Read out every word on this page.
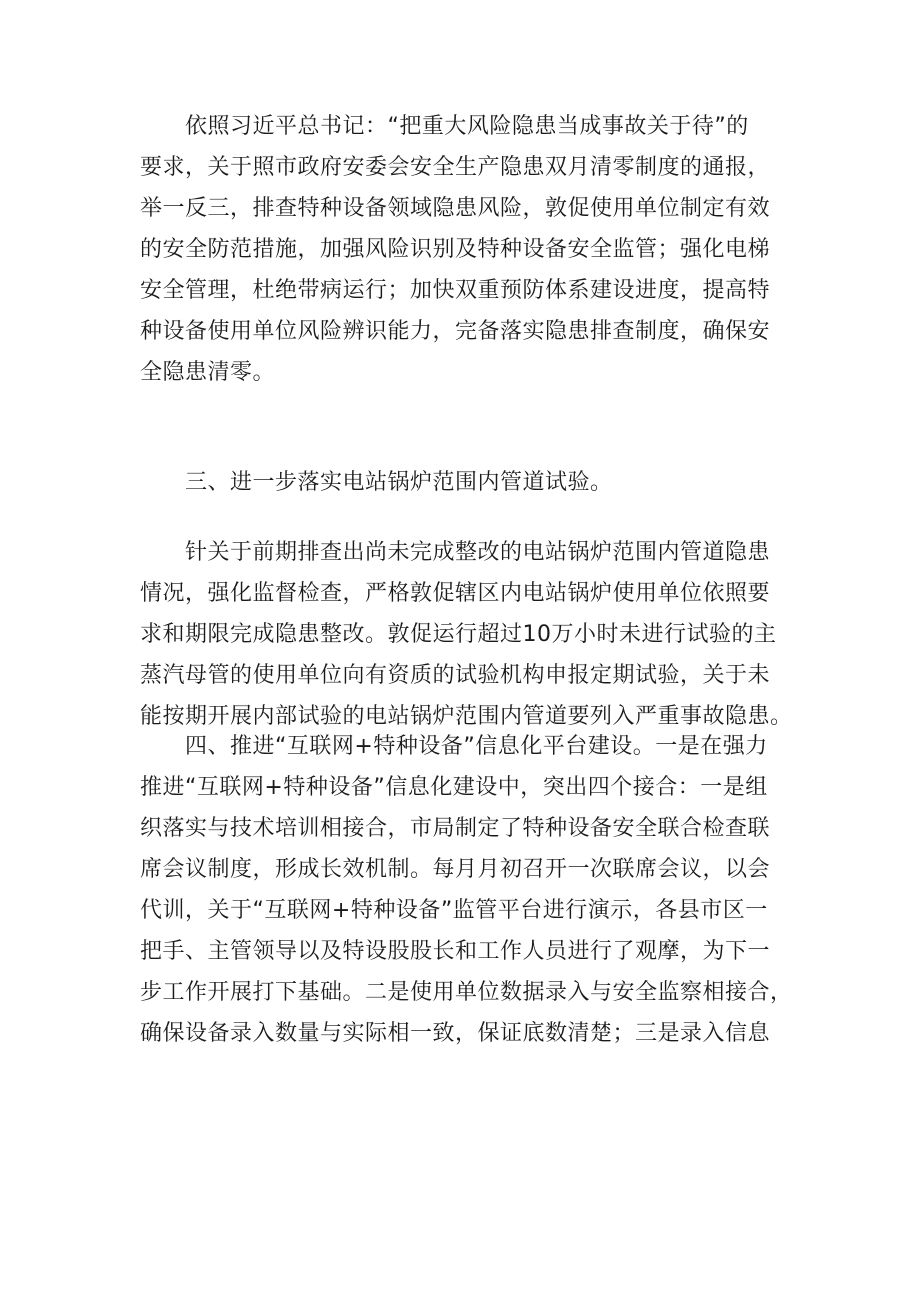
　　依照习近平总书记：“把重大风险隐患当成事故关于待”的
要求，关于照市政府安委会安全生产隐患双月清零制度的通报，
举一反三，排查特种设备领域隐患风险，敦促使用单位制定有效
的安全防范措施，加强风险识别及特种设备安全监管；强化电梯
安全管理，杜绝带病运行；加快双重预防体系建设进度，提高特
种设备使用单位风险辨识能力，完备落实隐患排查制度，确保安
全隐患清零。
　　三、进一步落实电站锅炉范围内管道试验。
　　针关于前期排查出尚未完成整改的电站锅炉范围内管道隐患
情况，强化监督检查，严格敦促辖区内电站锅炉使用单位依照要
求和期限完成隐患整改。敦促运行超过10万小时未进行试验的主
蒸汽母管的使用单位向有资质的试验机构申报定期试验，关于未
能按期开展内部试验的电站锅炉范围内管道要列入严重事故隐患。
　　四、推进“互联网+特种设备”信息化平台建设。一是在强力
推进“互联网+特种设备”信息化建设中，突出四个接合：一是组
织落实与技术培训相接合，市局制定了特种设备安全联合检查联
席会议制度，形成长效机制。每月月初召开一次联席会议，以会
代训，关于“互联网+特种设备”监管平台进行演示，各县市区一
把手、主管领导以及特设股股长和工作人员进行了观摩，为下一
步工作开展打下基础。二是使用单位数据录入与安全监察相接合，
确保设备录入数量与实际相一致，保证底数清楚；三是录入信息
